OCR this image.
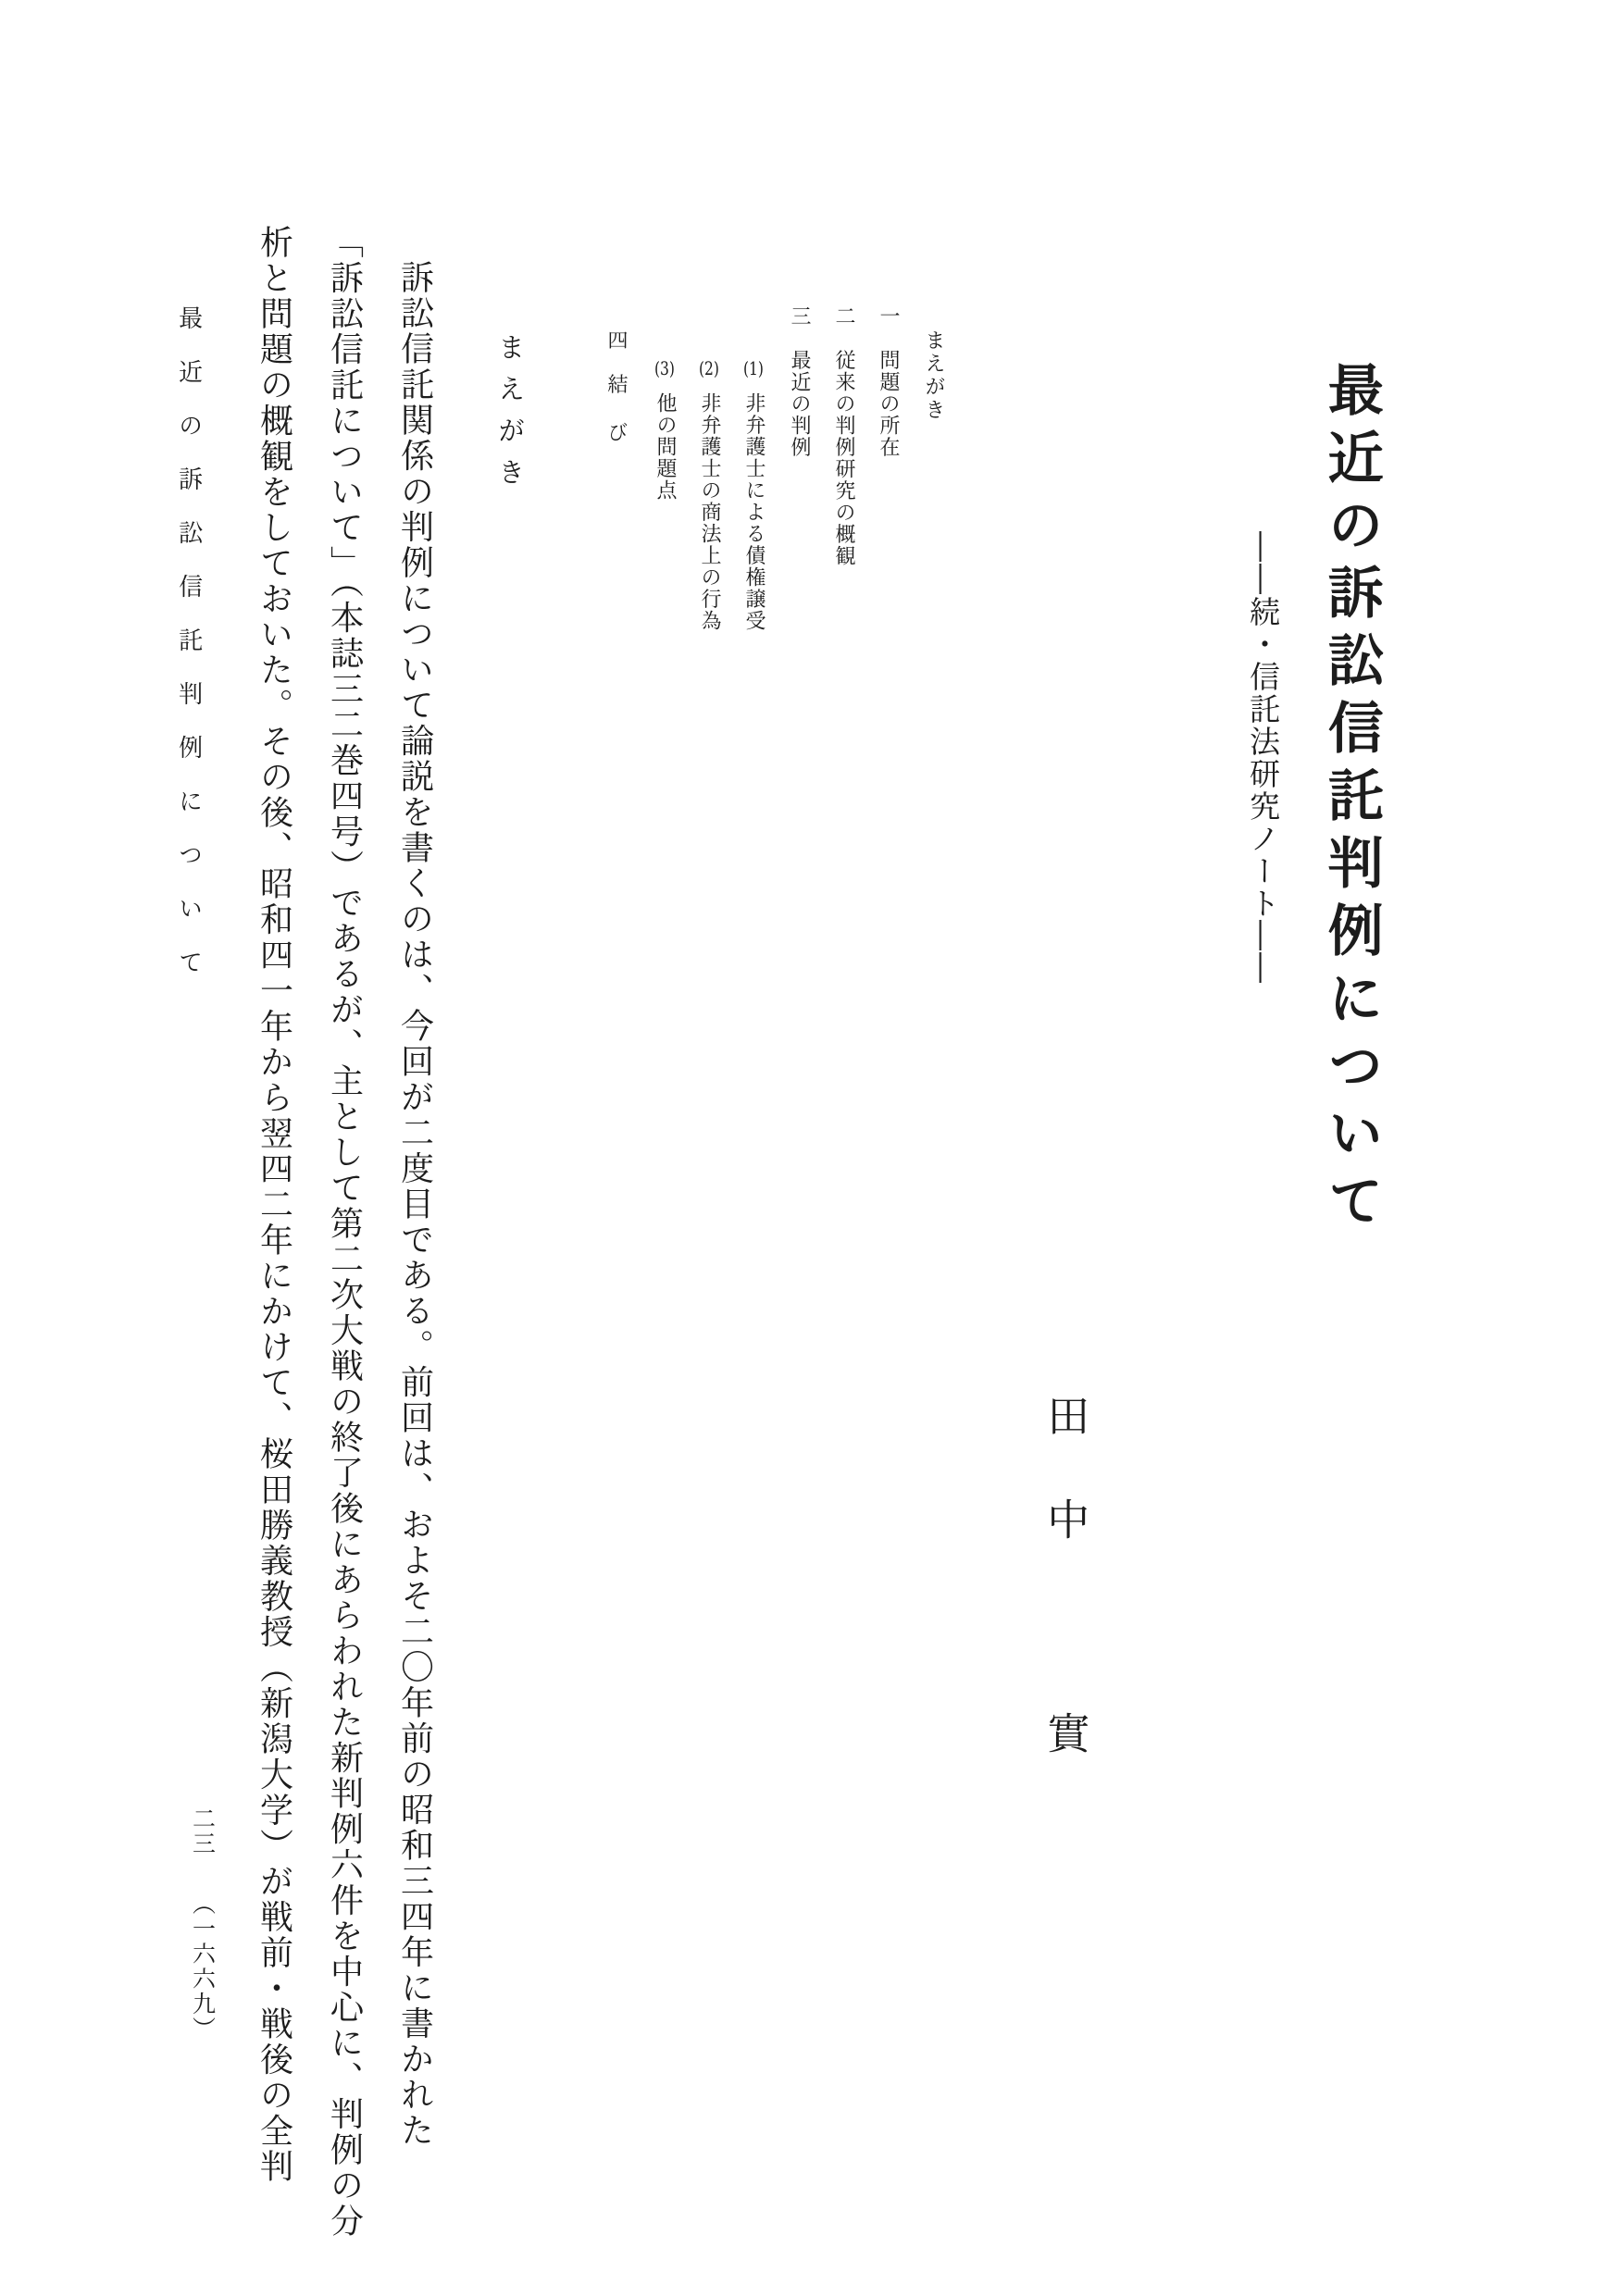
最近の訴訟信託判例について
――続・信託法研究ノート――
田中實
まえがき
一問題の所在
二従来の判例研究の概観
三最近の判例
(1)非弁護士による債権譲受
(2)非弁護士の商法上の行為
(3)他の問題点
四結び
まえがき
訴訟信託関係の判例について論説を書くのは、今回が二度目である。前回は、およそ二〇年前の昭和三四年に書かれた
「訴訟信託について」（本誌三二巻四号）であるが、主として第二次大戦の終了後にあらわれた新判例六件を中心に、判例の分
析と問題の概観をしておいた。その後、昭和四一年から翌四二年にかけて、桜田勝義教授（新潟大学）が戦前・戦後の全判
最近の訴訟信託判例について
二三（一六六九）
